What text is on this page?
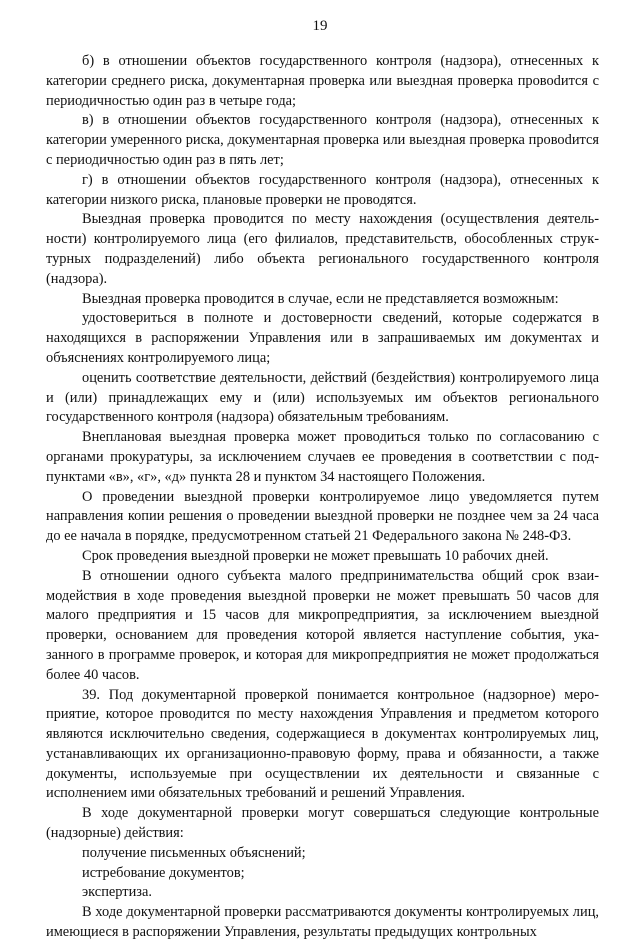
19

б) в отношении объектов государственного контроля (надзора), отнесенных к категории среднего риска, документарная проверка или выездная проверка провоdится с периодичностью один раз в четыре года;

в) в отношении объектов государственного контроля (надзора), отнесенных к категории умеренного риска, документарная проверка или выездная проверка провоdится с периодичностью один раз в пять лет;

г) в отношении объектов государственного контроля (надзора), отнесенных к категории низкого риска, плановые проверки не проводятся.

Выездная проверка проводится по месту нахождения (осуществления деятельности) контролируемого лица (его филиалов, представительств, обособленных структурных подразделений) либо объекта регионального государственного контроля (надзора).

Выездная проверка проводится в случае, если не представляется возможным:

удостовериться в полноте и достоверности сведений, которые содержатся в находящихся в распоряжении Управления или в запрашиваемых им документах и объяснениях контролируемого лица;

оценить соответствие деятельности, действий (бездействия) контролируемого лица и (или) принадлежащих ему и (или) используемых им объектов регионального государственного контроля (надзора) обязательным требованиям.

Внеплановая выездная проверка может проводиться только по согласованию с органами прокуратуры, за исключением случаев ее проведения в соответствии с подпунктами «в», «г», «д» пункта 28 и пунктом 34 настоящего Положения.

О проведении выездной проверки контролируемое лицо уведомляется путем направления копии решения о проведении выездной проверки не позднее чем за 24 часа до ее начала в порядке, предусмотренном статьей 21 Федерального закона № 248-ФЗ.

Срок проведения выездной проверки не может превышать 10 рабочих дней.

В отношении одного субъекта малого предпринимательства общий срок взаимодействия в ходе проведения выездной проверки не может превышать 50 часов для малого предприятия и 15 часов для микропредприятия, за исключением выездной проверки, основанием для проведения которой является наступление события, указанного в программе проверок, и которая для микропредприятия не может продолжаться более 40 часов.

39. Под документарной проверкой понимается контрольное (надзорное) мероприятие, которое проводится по месту нахождения Управления и предметом которого являются исключительно сведения, содержащиеся в документах контролируемых лиц, устанавливающих их организационно-правовую форму, права и обязанности, а также документы, используемые при осуществлении их деятельности и связанные с исполнением ими обязательных требований и решений Управления.

В ходе документарной проверки могут совершаться следующие контрольные (надзорные) действия:

получение письменных объяснений;

истребование документов;

экспертиза.

В ходе документарной проверки рассматриваются документы контролируемых лиц, имеющиеся в распоряжении Управления, результаты предыдущих контрольных
